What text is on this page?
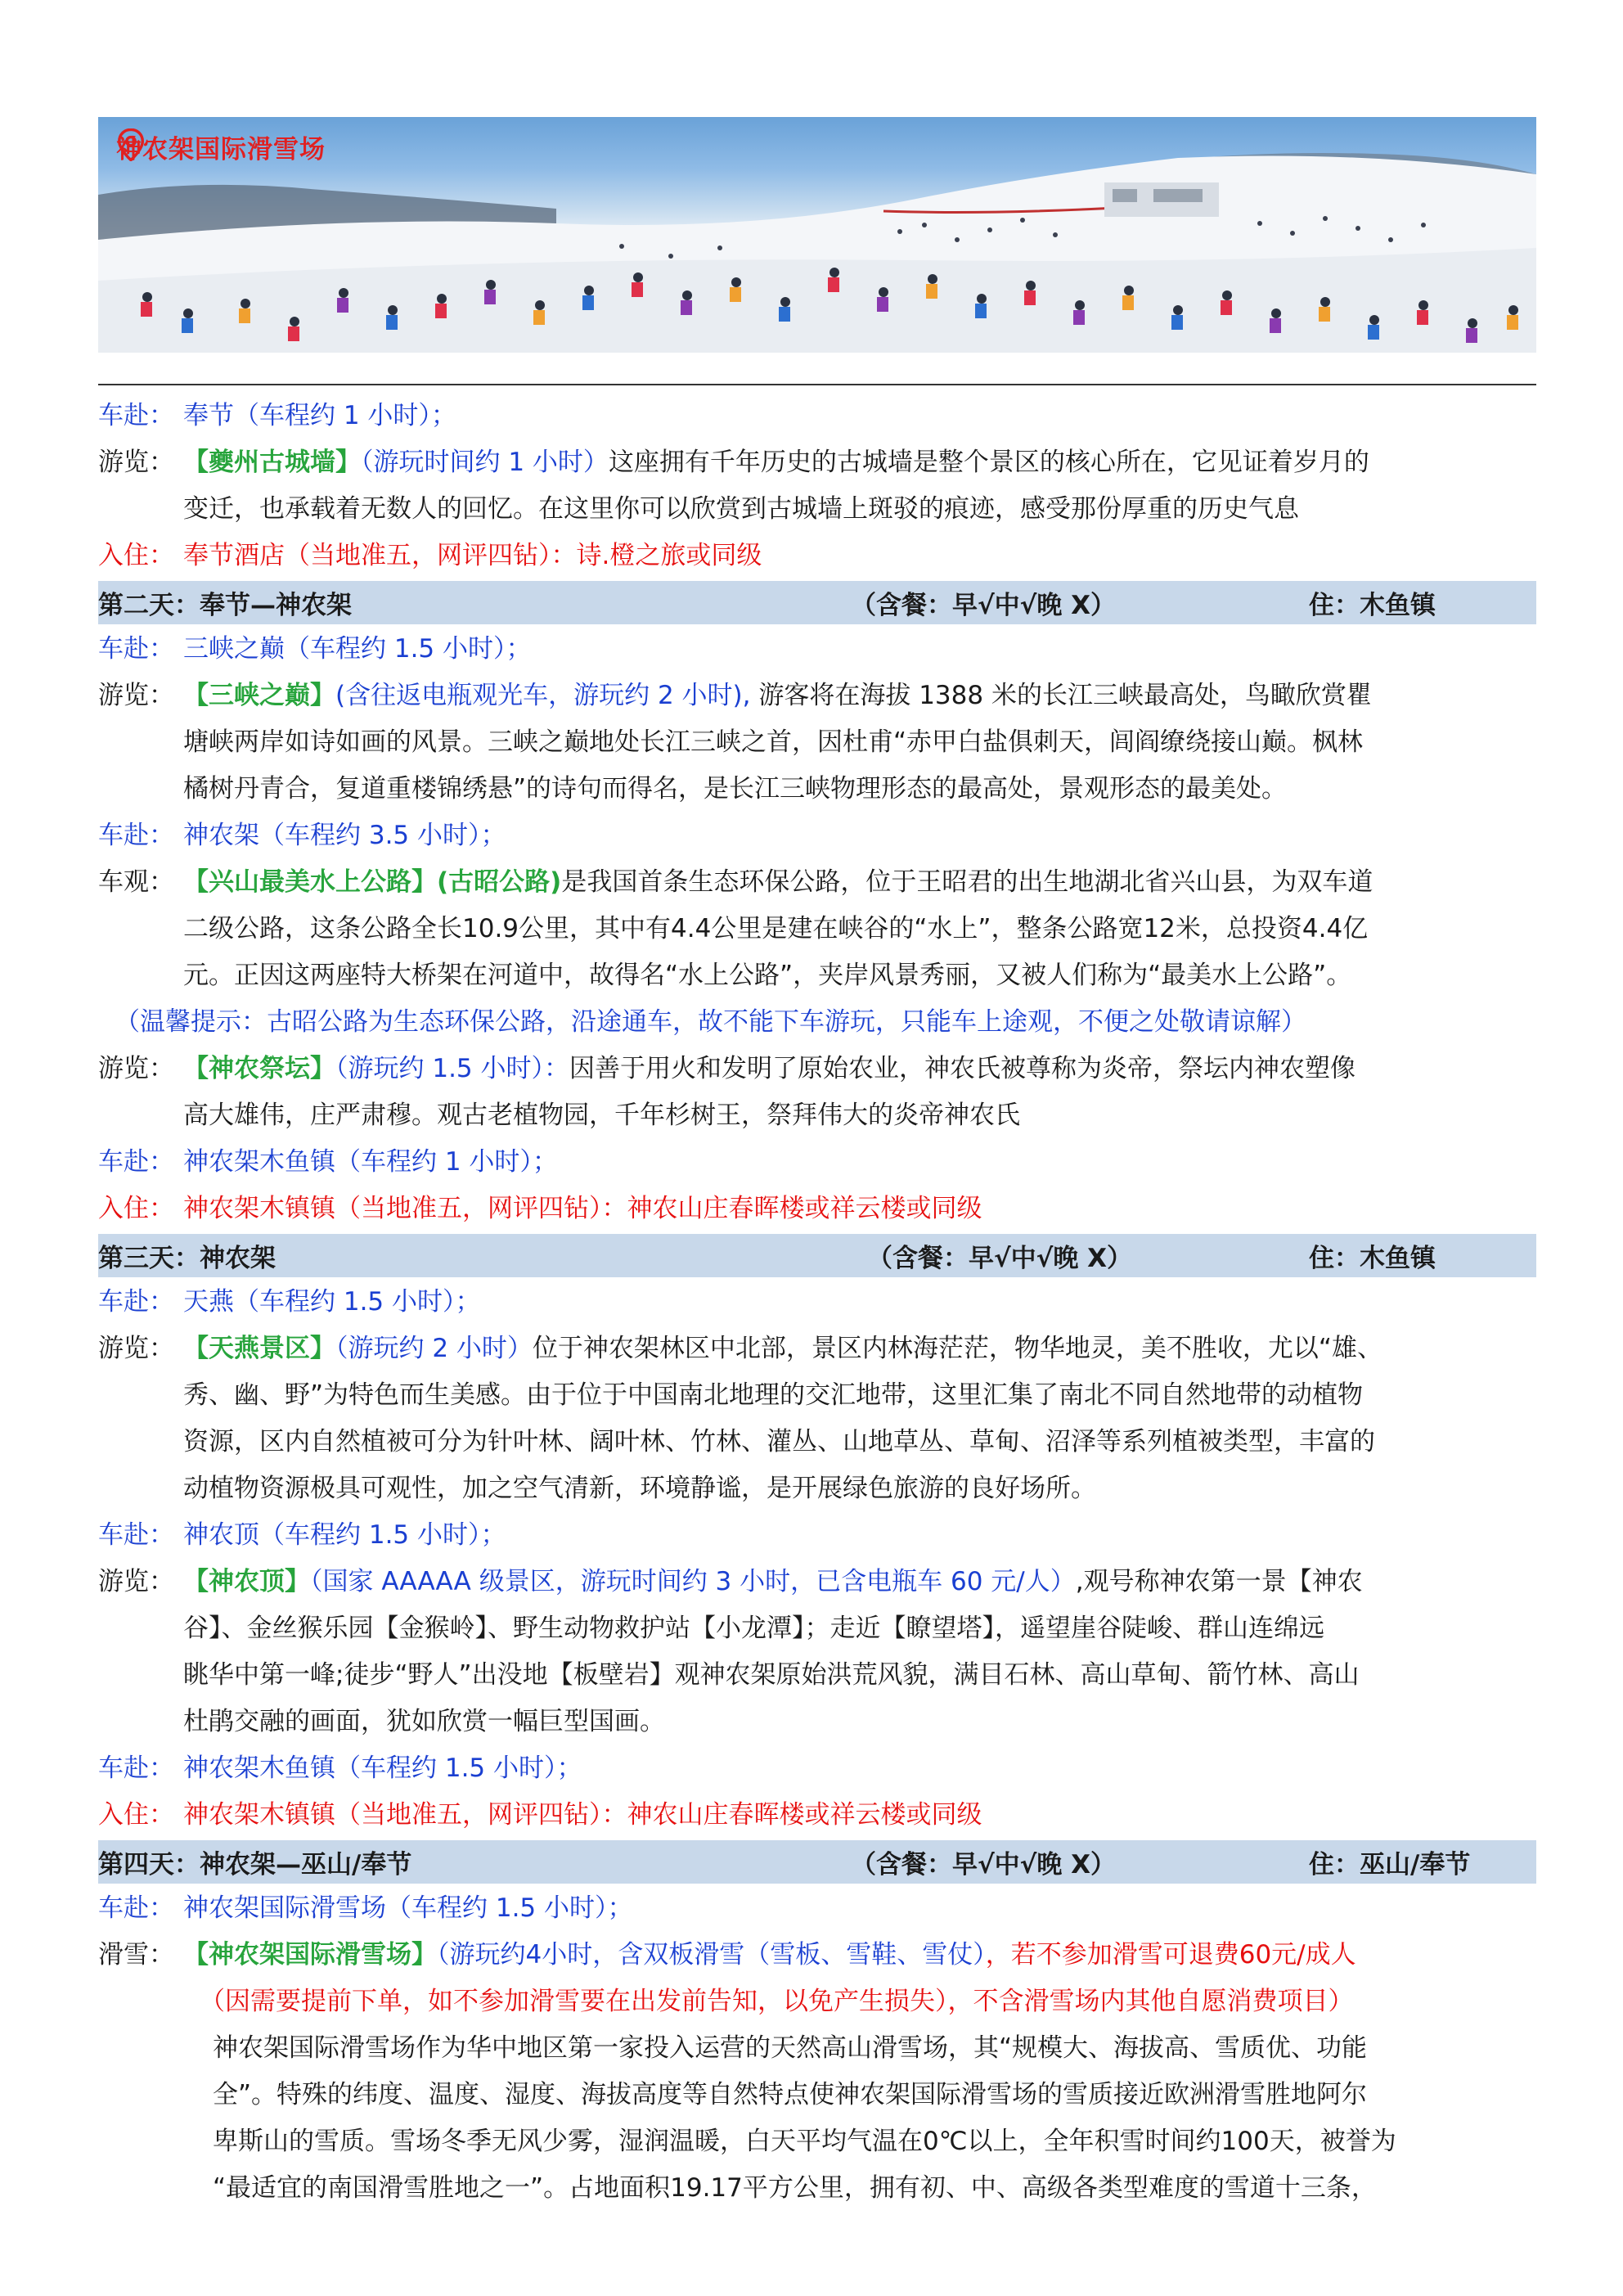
神农架国际滑雪场
车赴： 奉节（车程约 1 小时）；
游览： 【夔州古城墙】（游玩时间约 1 小时）这座拥有千年历史的古城墙是整个景区的核心所在，它见证着岁月的
变迁，也承载着无数人的回忆。在这里你可以欣赏到古城墙上斑驳的痕迹，感受那份厚重的历史气息
入住： 奉节酒店（当地准五，网评四钻）：诗.橙之旅或同级
第二天：奉节—神农架	（含餐：早√中√晚 X）	住：木鱼镇
车赴： 三峡之巅（车程约 1.5 小时）；
游览： 【三峡之巅】(含往返电瓶观光车，游玩约 2 小时), 游客将在海拔 1388 米的长江三峡最高处，鸟瞰欣赏瞿
塘峡两岸如诗如画的风景。三峡之巅地处长江三峡之首，因杜甫“赤甲白盐俱刺天，闾阎缭绕接山巅。枫林
橘树丹青合，复道重楼锦绣悬”的诗句而得名，是长江三峡物理形态的最高处，景观形态的最美处。
车赴： 神农架（车程约 3.5 小时）；
车观： 【兴山最美水上公路】(古昭公路)是我国首条生态环保公路，位于王昭君的出生地湖北省兴山县，为双车道
二级公路，这条公路全长10.9公里，其中有4.4公里是建在峡谷的“水上”，整条公路宽12米，总投资4.4亿
元。正因这两座特大桥架在河道中，故得名“水上公路”，夹岸风景秀丽，又被人们称为“最美水上公路”。
（温馨提示：古昭公路为生态环保公路，沿途通车，故不能下车游玩，只能车上途观，不便之处敬请谅解）
游览： 【神农祭坛】（游玩约 1.5 小时）：因善于用火和发明了原始农业，神农氏被尊称为炎帝，祭坛内神农塑像
高大雄伟，庄严肃穆。观古老植物园，千年杉树王，祭拜伟大的炎帝神农氏
车赴： 神农架木鱼镇（车程约 1 小时）；
入住： 神农架木镇镇（当地准五，网评四钻）：神农山庄春晖楼或祥云楼或同级
第三天：神农架	（含餐：早√中√晚 X）	住：木鱼镇
车赴： 天燕（车程约 1.5 小时）；
游览： 【天燕景区】（游玩约 2 小时）位于神农架林区中北部，景区内林海茫茫，物华地灵，美不胜收，尤以“雄、
秀、幽、野”为特色而生美感。由于位于中国南北地理的交汇地带，这里汇集了南北不同自然地带的动植物
资源，区内自然植被可分为针叶林、阔叶林、竹林、灌丛、山地草丛、草甸、沼泽等系列植被类型，丰富的
动植物资源极具可观性，加之空气清新，环境静谧，是开展绿色旅游的良好场所。
车赴： 神农顶（车程约 1.5 小时）；
游览： 【神农顶】（国家 AAAAA 级景区，游玩时间约 3 小时，已含电瓶车 60 元/人）,观号称神农第一景【神农
谷】、金丝猴乐园【金猴岭】、野生动物救护站【小龙潭】；走近【瞭望塔】，遥望崖谷陡峻、群山连绵远
眺华中第一峰;徒步“野人”出没地【板壁岩】观神农架原始洪荒风貌，满目石林、高山草甸、箭竹林、高山
杜鹃交融的画面，犹如欣赏一幅巨型国画。
车赴： 神农架木鱼镇（车程约 1.5 小时）；
入住： 神农架木镇镇（当地准五，网评四钻）：神农山庄春晖楼或祥云楼或同级
第四天：神农架—巫山/奉节	（含餐：早√中√晚 X）	住：巫山/奉节
车赴： 神农架国际滑雪场（车程约 1.5 小时）；
滑雪： 【神农架国际滑雪场】（游玩约4小时，含双板滑雪（雪板、雪鞋、雪仗），若不参加滑雪可退费60元/成人
（因需要提前下单，如不参加滑雪要在出发前告知，以免产生损失），不含滑雪场内其他自愿消费项目）
神农架国际滑雪场作为华中地区第一家投入运营的天然高山滑雪场，其“规模大、海拔高、雪质优、功能
全”。特殊的纬度、温度、湿度、海拔高度等自然特点使神农架国际滑雪场的雪质接近欧洲滑雪胜地阿尔
卑斯山的雪质。雪场冬季无风少雾，湿润温暖，白天平均气温在0℃以上，全年积雪时间约100天，被誉为
“最适宜的南国滑雪胜地之一”。占地面积19.17平方公里，拥有初、中、高级各类型难度的雪道十三条，
